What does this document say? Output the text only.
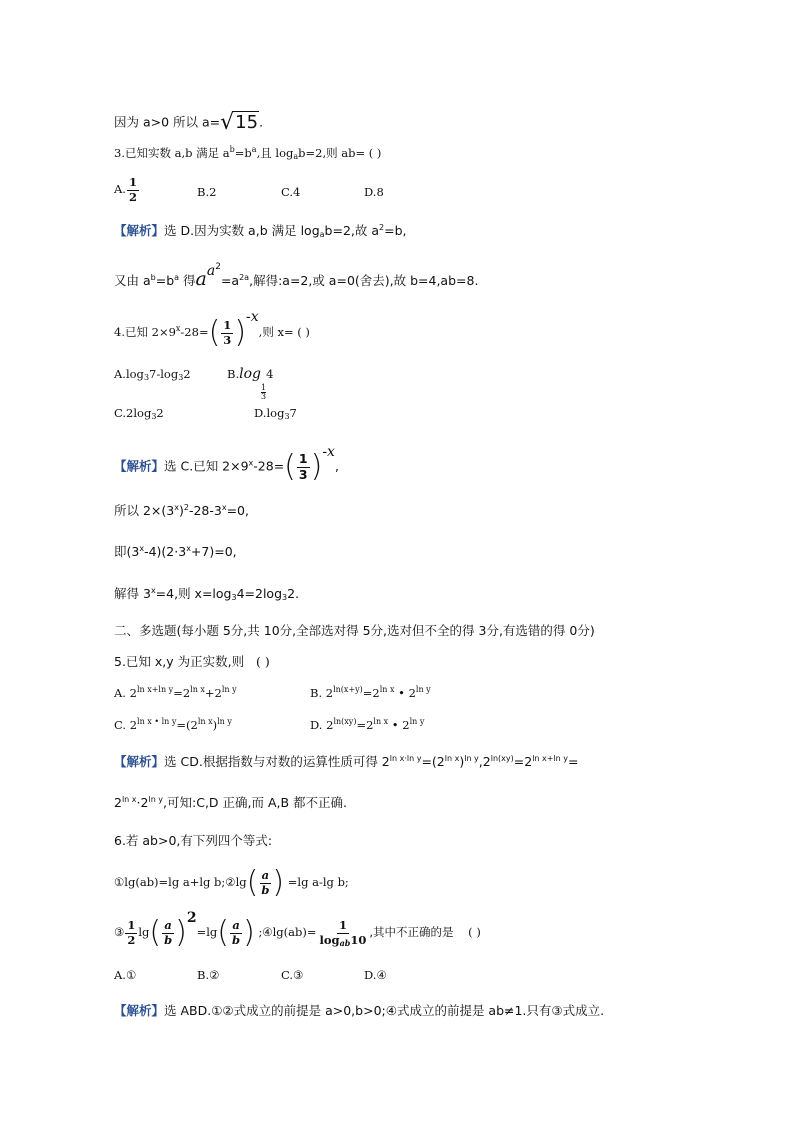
因为 a>0 所以 a=√15.
3.已知实数 a,b 满足 $a^b=b^a$,且 $\log_ab=2$,则 ab= ( )
A. $\frac{1}{2}$	B.2	C.4	D.8
【解析】选 D.因为实数 a,b 满足 $\log_ab=2$,故 $a^2=b$,
又由 $a^b=b^a$ 得$aa^2=a^{2a}$,解得:a=2,或 a=0(舍去),故 b=4,ab=8.
4.已知 $2\times 9^x-28=( \frac{1}{3} )-x$,则 x= ( )
$A.\log_37-\log_32$	B.log
$\frac{1}{3}$
4
$C.2\log_32$	$D.\log_37$
【解析】选 C.已知 $2\times 9^x-28=( \frac{1}{3} )-x$,
所以 $2\times(3^x)^2-28-3^x=0$,
即$(3^x-4)(2\cdot 3^x+7)=0$,
解得 $3^x=4$,则 $x=\log_34=2\log_32$.
二、多选题(每小题 5分,共 10分,全部选对得 5分,选对但不全的得 3分,有选错的得 0分)
5.已知 x,y 为正实数,则 ( )
A. $2^{ln x+ln y}=2^{ln x}+2^{ln y}$	B. $2^{ln(x+y)}=2^{ln x}$ • $2^{ln y}$
C. $2^{ln x • ln y}=(2^{ln x})^{ln y}$	D. $2^{ln(xy)}=2^{ln x}$ • $2^{ln y}$
【解析】选 CD.根据指数与对数的运算性质可得 $2^{ln x\cdot ln y}=(2^{ln x})^{ln y},2^{ln(xy)}=2^{ln x+ln y}=$
$2^{ln x}\cdot 2^{ln y}$,可知:C,D 正确,而 A,B 都不正确.
6.若 ab>0,有下列四个等式:
①lg(ab)=lg a+lg b;②lg( $\frac{a}{b}$ ) =lg a-lg b;
③ $\frac{1}{2} \lg( \frac{a}{b} )2=\lg( \frac{a}{b}$ ) ;④lg(ab)= $\frac{1}{\log_{ab}10}$ ,其中不正确的是 ( )
A.①	B.②	C.③	D.④
【解析】选 ABD.①②式成立的前提是 a>0,b>0;④式成立的前提是 ab≠1.只有③式成立.
